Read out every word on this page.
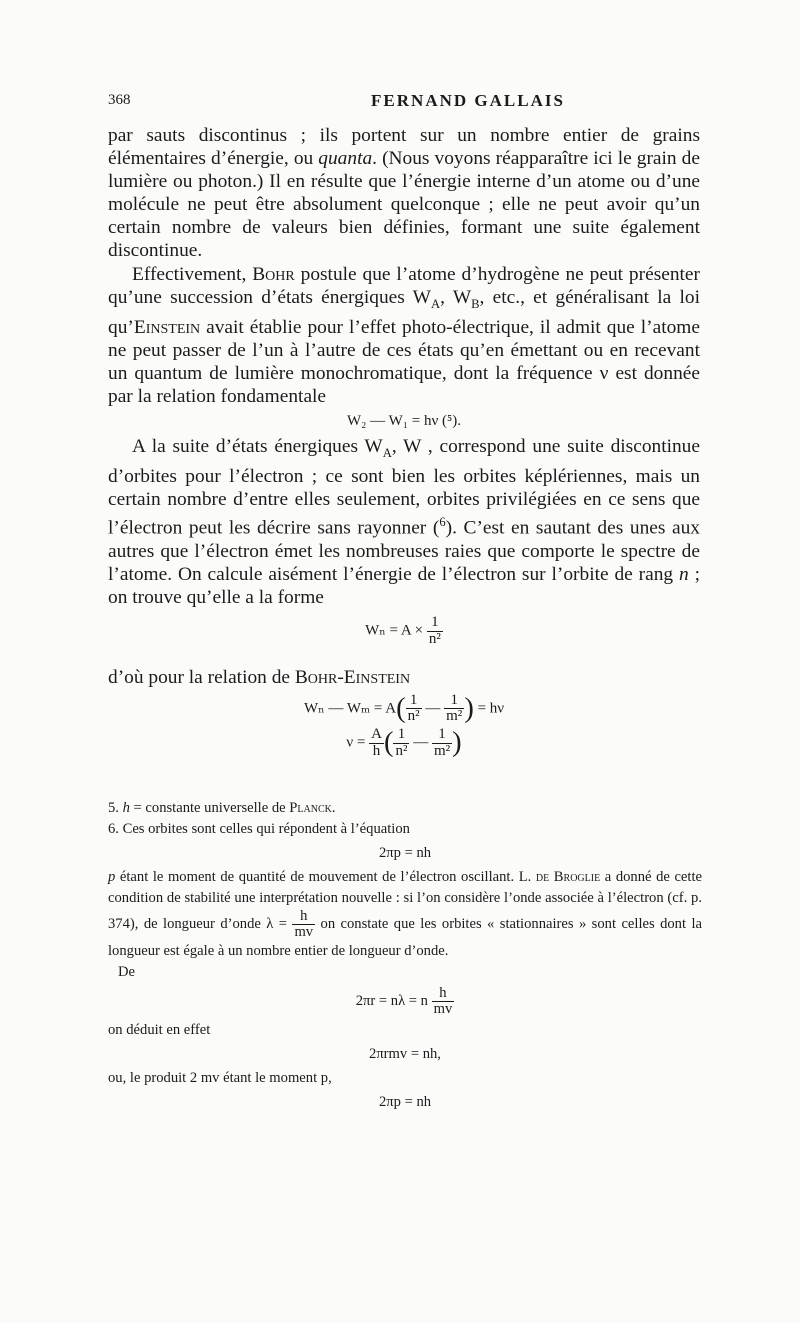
368	FERNAND GALLAIS

par sauts discontinus ; ils portent sur un nombre entier de grains élémentaires d’énergie, ou quanta. (Nous voyons réapparaître ici le grain de lumière ou photon.) Il en résulte que l’énergie interne d’un atome ou d’une molécule ne peut être absolument quelconque ; elle ne peut avoir qu’un certain nombre de valeurs bien définies, formant une suite également discontinue.

Effectivement, Bohr postule que l’atome d’hydrogène ne peut présenter qu’une succession d’états énergiques $W_A$, $W_B$, etc., et généralisant la loi qu’Einstein avait établie pour l’effet photo-électrique, il admit que l’atome ne peut passer de l’un à l’autre de ces états qu’en émettant ou en recevant un quantum de lumière monochromatique, dont la fréquence ν est donnée par la relation fondamentale

W₂ — W₁ = hν (⁵).

A la suite d’états énergiques $W_A$, W , correspond une suite discontinue d’orbites pour l’électron ; ce sont bien les orbites képlériennes, mais un certain nombre d’entre elles seulement, orbites privilégiées en ce sens que l’électron peut les décrire sans rayonner ($^6$). C’est en sautant des unes aux autres que l’électron émet les nombreuses raies que comporte le spectre de l’atome. On calcule aisément l’énergie de l’électron sur l’orbite de rang n ; on trouve qu’elle a la forme

$W_n = A \times \frac{1}{\text{n²}}$

d’où pour la relation de Bohr-Einstein

Wₙ — $W_m = A( \frac{1}{\text{n²}}$ — $\frac{1}{\text{m²}}$ ) = hν
$\nu = \frac{A}{h}$ ( $\frac{1}{\text{n²}}$ — $\frac{1}{\text{m²}}$ )

5. h = constante universelle de Planck.

6. Ces orbites sont celles qui répondent à l’équation

2πp = nh

p étant le moment de quantité de mouvement de l’électron oscillant. L. de Broglie a donné de cette condition de stabilité une interprétation nouvelle : si l’on considère l’onde associée à l’électron (cf. p. 374), de longueur d’onde $\lambda = \frac{h}{mv}$ on constate que les orbites « stationnaires » sont celles dont la longueur est égale à un nombre entier de longueur d’onde.

De

2πr = nλ = n $\frac{h}{mv}$

on déduit en effet

2πrmv = nh,

ou, le produit 2 mv étant le moment p,

2πp = nh
